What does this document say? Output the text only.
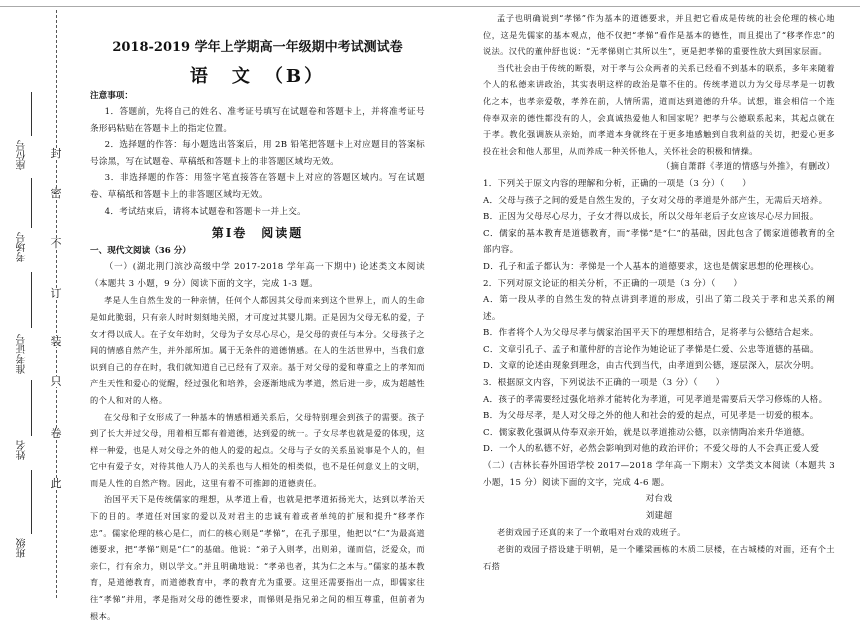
此
卷
只
装
订
不
密
封
班级
姓名
准考证号
考场号
座位号
2018-2019 学年上学期高一年级期中考试测试卷
语　文　（B）

注意事项：

1．答题前，先将自己的姓名、准考证号填写在试题卷和答题卡上，并将准考证号条形码粘贴在答题卡上的指定位置。

2．选择题的作答：每小题选出答案后，用 2B 铅笔把答题卡上对应题目的答案标号涂黑，写在试题卷、草稿纸和答题卡上的非答题区域均无效。

3．非选择题的作答：用签字笔直接答在答题卡上对应的答题区域内。写在试题卷、草稿纸和答题卡上的非答题区域均无效。

4．考试结束后，请将本试题卷和答题卡一并上交。

第Ⅰ卷　阅读题

一、现代文阅读（36 分）

（一）(湖北荆门滨沙高级中学 2017-2018 学年高一下期中) 论述类文本阅读（本题共 3 小题，9 分）阅读下面的文字，完成 1-3 题。

孝是人生自然生发的一种亲情，任何个人都因其父母而来到这个世界上，而人的生命是如此脆弱，只有亲人时时刻刻地关照，才可度过其婴儿期。正是因为父母无私的爱，子女才得以成人。在子女年幼时，父母为子女尽心尽心，是父母的责任与本分。父母孩子之间的情感自然产生，并外部所加。属于无条件的道德情感。在人的生活世界中，当我们意识到自己的存在时，我们就知道自己已经有了双亲。基于对父母的爱和尊重之上的孝知而产生天性和爱心的觉醒，经过强化和培养，会逐渐地成为孝道，然后进一步，成为超越性的个人和对的人格。

在父母和子女形成了一种基本的情感相通关系后，父母特别理会到孩子的需要。孩子到了长大并过父母，用着相互都有着道德，达到爱的统一。子女尽孝也就是爱的体现，这样一种爱，也是人对父母之外的他人的爱的起点。父母与子女的关系虽说事是个人的，但它中有爱子女，对待其他人乃人的关系也与人相处的相类似，也不是任何意义上的文明，而是人性的自然产物。因此，这里有着不可推卸的道德责任。

治国平天下是传统儒家的理想，从孝道上看，也就是把孝道拓扬光大，达到以孝治天下的目的。孝道任对国家的爱以及对君主的忠诚有着或者单纯的扩展和提升“移孝作忠”。儒家伦理的核心是仁，而仁的核心则是“孝悌”，在孔子那里，他把以“仁”为最高道德要求，把“孝悌”则是“仁”的基础。他说：“弟子入则孝，出则弟，谨而信，泛爱众，而亲仁，行有余力，则以学文。”并且明确地说：“孝弟也者，其为仁之本与。”儒家的基本教育，是道德教育，而道德教育中，孝的教育尤为重要。这里还需要指出一点，即儒家往往“孝悌”并用，孝是指对父母的德性要求，而悌则是指兄弟之间的相互尊重，但前者为根本。

孟子也明确说到“孝悌”作为基本的道德要求，并且把它看成是传统的社会伦理的核心地位，这是先儒家的基本观点，他不仅把“孝悌”看作是基本的德性，而且提出了“移孝作忠”的说法。汉代的董仲舒也说：“无孝悌则亡其所以生”，更是把孝悌的重要性放大到国家层面。

当代社会由于传统的断裂，对于孝与公众两者的关系已经看不到基本的联系，多年来随着个人的私德来讲政治，其实表明这样的政治是靠不住的。传统孝道以力为父母尽孝是一切教化之本，也孝亲爱敬，孝养在前，人情所需，道而达到道德的升华。试想，谁会相信一个连侍奉双亲的德性都没有的人，会真诚热爱他人和国家呢？把孝与公德联系起来，其起点就在于孝。教化强调族从亲始，而孝道本身就终在于更多地感触到自我利益的关切，把爱心更多投在社会和他人那里，从而养成一种关怀他人，关怀社会的积极和情操。

（摘自萧群《孝道的情感与外推》，有删改）

1．下列关于原文内容的理解和分析，正确的一项是（3 分）（　　）

A．父母与孩子之间的爱是自然生发的，子女对父母的孝道是外部产生，无需后天培养。

B．正因为父母尽心尽力，子女才得以成长，所以父母年老后子女应该尽心尽力回报。

C．儒家的基本教育是道德教育，而“孝悌”是“仁”的基础，因此包含了儒家道德教育的全部内容。

D．孔子和孟子都认为：孝悌是一个人基本的道德要求，这也是儒家思想的伦理核心。

2．下列对原文论证的相关分析，不正确的一项是（3 分）（　　）

A．第一段从孝的自然生发的特点讲到孝道的形成，引出了第二段关于孝和忠关系的阐述。

B．作者将个人为父母尽孝与儒家治国平天下的理想相结合，足将孝与公德结合起来。

C．文章引孔子、孟子和董仲舒的言论作为她论证了孝悌是仁爱、公忠等道德的基础。

D．文章的论述由现象到理念，由古代到当代，由孝道到公德，逐层深入，层次分明。

3．根据原文内容，下列说法不正确的一项是（3 分）（　　）

A．孩子的孝需要经过强化培养才能转化为孝道，可见孝道是需要后天学习修炼的人格。

B．为父母尽孝，是人对父母之外的他人和社会的爱的起点，可见孝是一切爱的根本。

C．儒家教化强调从侍奉双亲开始，就是以孝道推动公德，以亲情陶冶来升华道德。

D．一个人的私德不好，必然会影响到对他的政治评价；不爱父母的人不会真正爱人爱

（二）(吉林长春外国语学校 2017—2018 学年高一下期末）文学类文本阅读（本题共 3 小题，15 分）阅读下面的文字，完成 4-6 题。

对台戏

刘建超

老街戏园子还真的来了一个敢唱对台戏的戏班子。

老街的戏园子搭设建于明朝，是一个雕梁画栋的木质二层楼，在古城楼的对面，还有个土石搭
